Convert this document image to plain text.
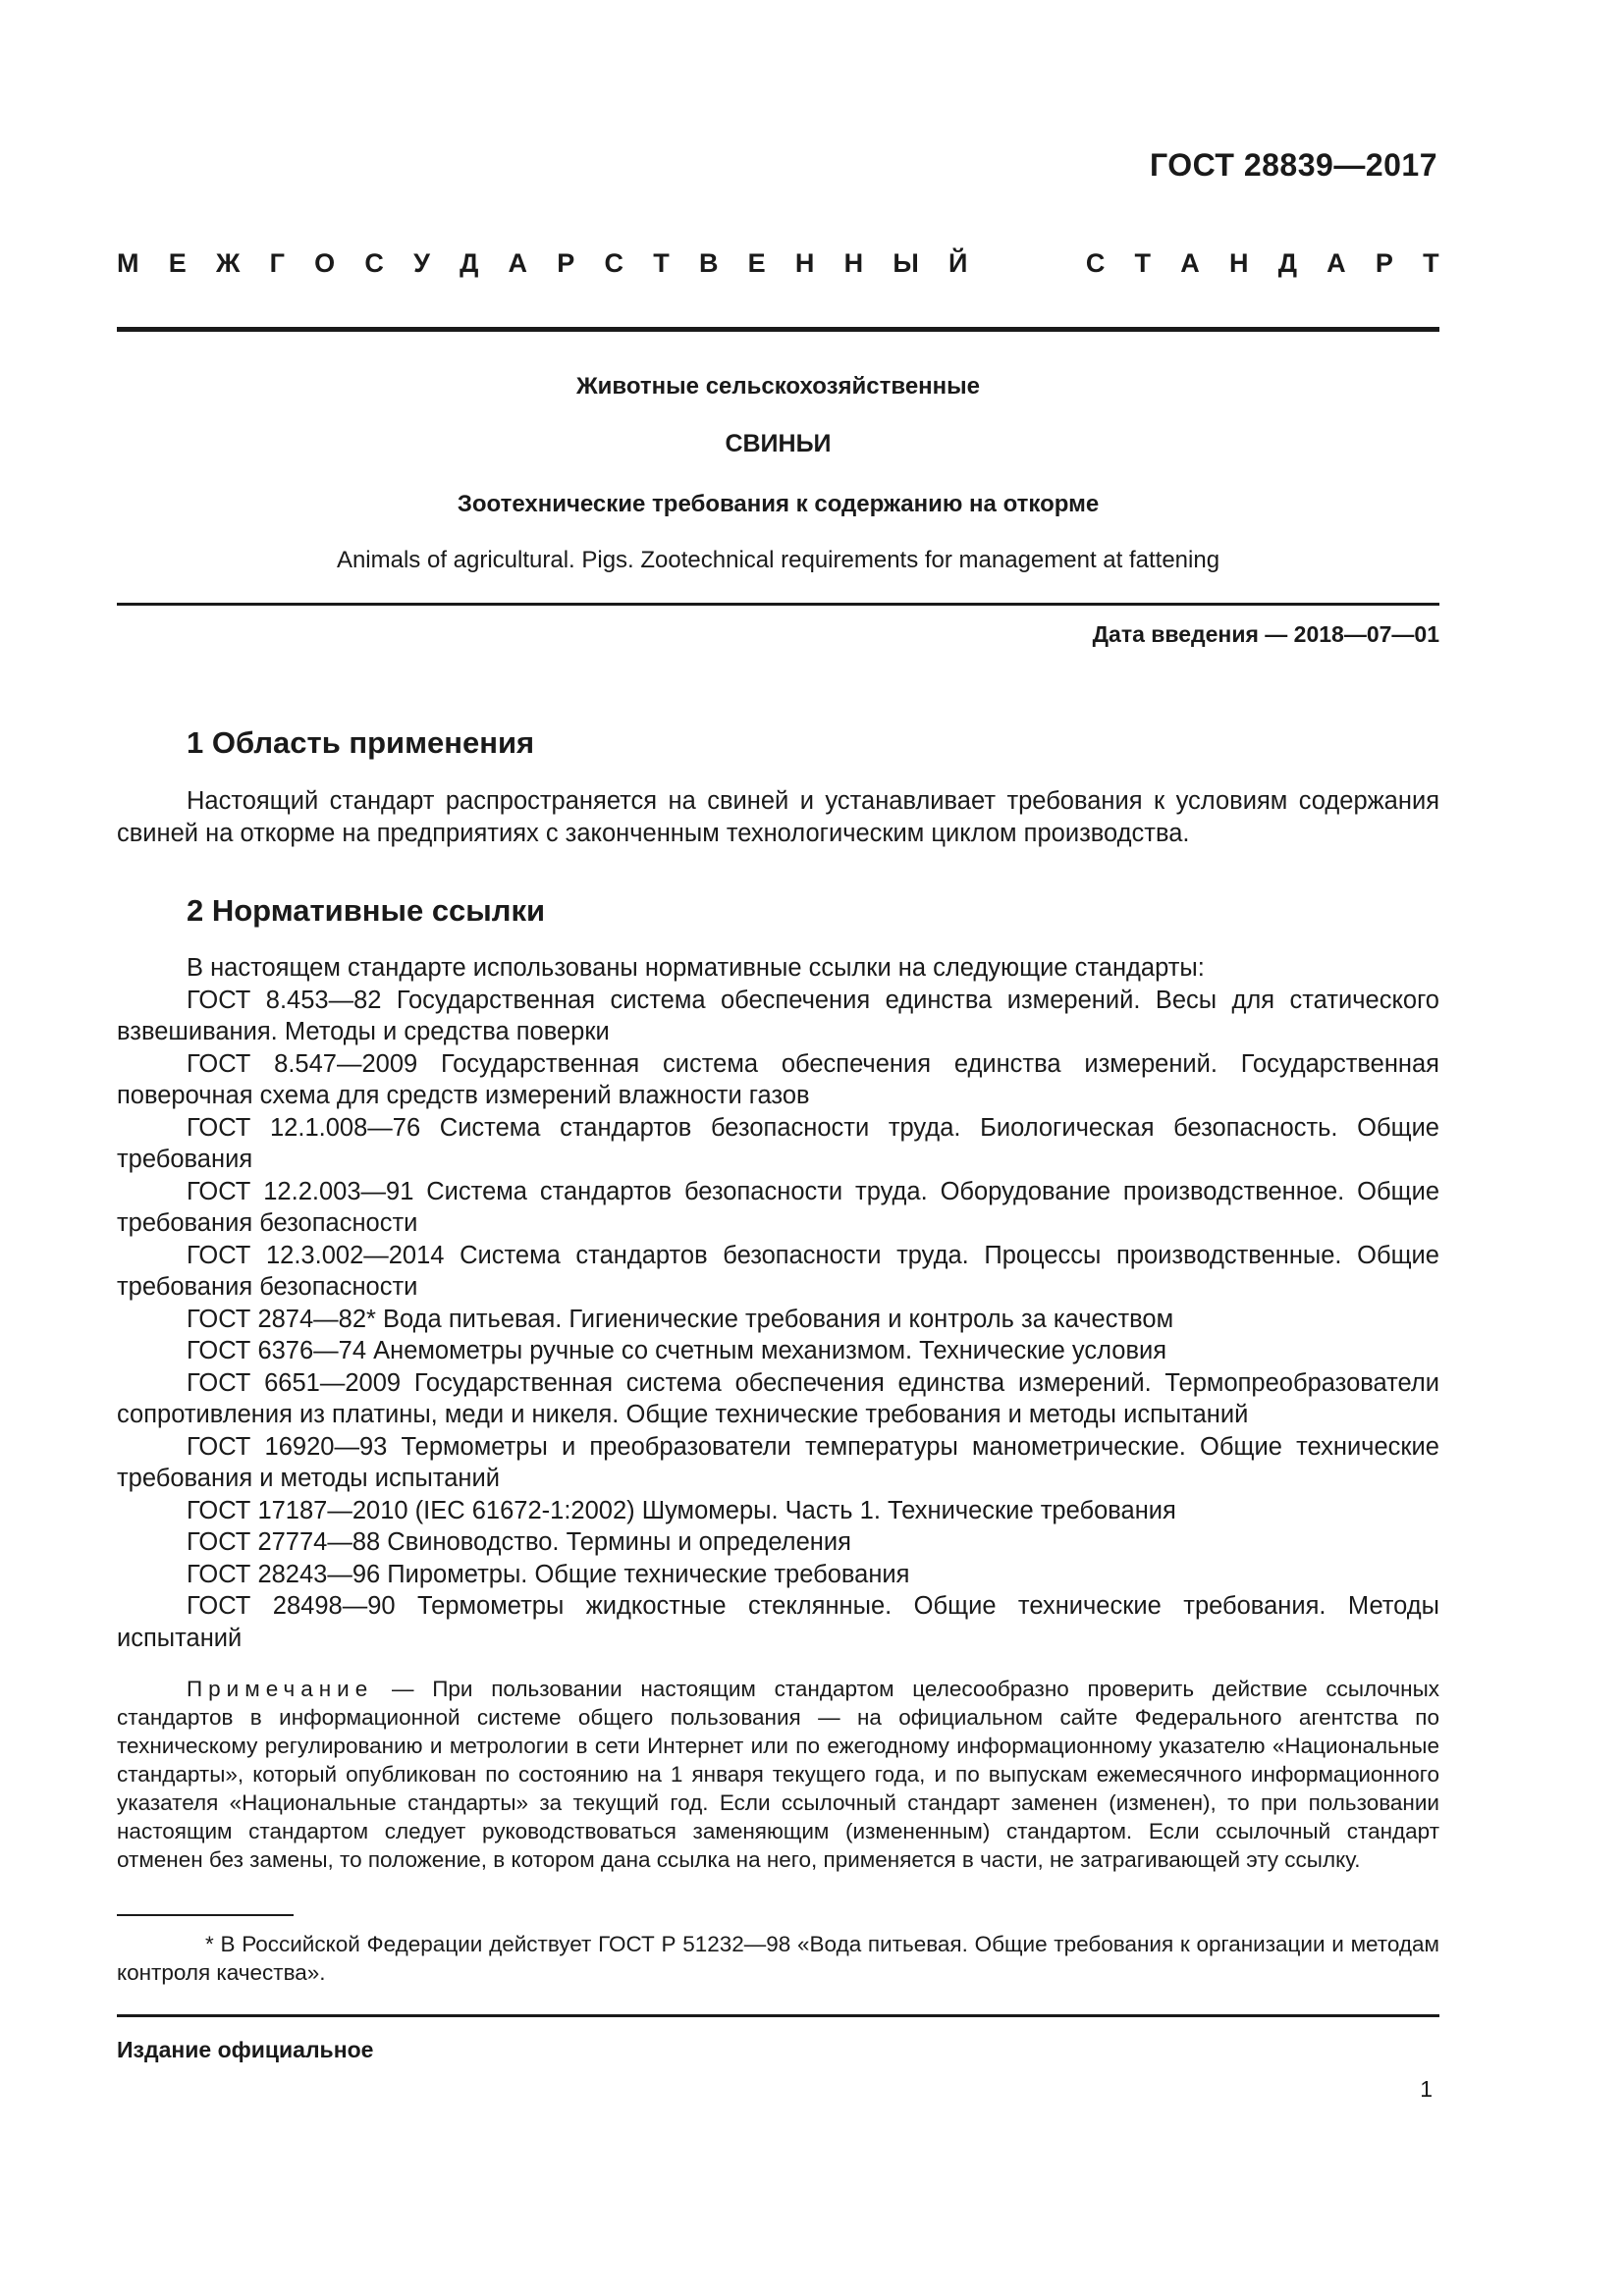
ГОСТ 28839—2017
М Е Ж Г О С У Д А Р С Т В Е Н Н Ы Й	С Т А Н Д А Р Т
Животные сельскохозяйственные
СВИНЬИ
Зоотехнические требования к содержанию на откорме
Animals of agricultural. Pigs. Zootechnical requirements for management at fattening
Дата введения — 2018—07—01
1 Область применения

Настоящий стандарт распространяется на свиней и устанавливает требования к условиям содержания свиней на откорме на предприятиях с законченным технологическим циклом производства.

2 Нормативные ссылки

В настоящем стандарте использованы нормативные ссылки на следующие стандарты:

ГОСТ 8.453—82 Государственная система обеспечения единства измерений. Весы для статического взвешивания. Методы и средства поверки

ГОСТ 8.547—2009 Государственная система обеспечения единства измерений. Государственная поверочная схема для средств измерений влажности газов

ГОСТ 12.1.008—76 Система стандартов безопасности труда. Биологическая безопасность. Общие требования

ГОСТ 12.2.003—91 Система стандартов безопасности труда. Оборудование производственное. Общие требования безопасности

ГОСТ 12.3.002—2014 Система стандартов безопасности труда. Процессы производственные. Общие требования безопасности

ГОСТ 2874—82* Вода питьевая. Гигиенические требования и контроль за качеством

ГОСТ 6376—74 Анемометры ручные со счетным механизмом. Технические условия

ГОСТ 6651—2009 Государственная система обеспечения единства измерений. Термопреобразователи сопротивления из платины, меди и никеля. Общие технические требования и методы испытаний

ГОСТ 16920—93 Термометры и преобразователи температуры манометрические. Общие технические требования и методы испытаний

ГОСТ 17187—2010 (IEC 61672-1:2002) Шумомеры. Часть 1. Технические требования

ГОСТ 27774—88 Свиноводство. Термины и определения

ГОСТ 28243—96 Пирометры. Общие технические требования

ГОСТ 28498—90 Термометры жидкостные стеклянные. Общие технические требования. Методы испытаний

Примечание — При пользовании настоящим стандартом целесообразно проверить действие ссылочных стандартов в информационной системе общего пользования — на официальном сайте Федерального агентства по техническому регулированию и метрологии в сети Интернет или по ежегодному информационному указателю «Национальные стандарты», который опубликован по состоянию на 1 января текущего года, и по выпускам ежемесячного информационного указателя «Национальные стандарты» за текущий год. Если ссылочный стандарт заменен (изменен), то при пользовании настоящим стандартом следует руководствоваться заменяющим (измененным) стандартом. Если ссылочный стандарт отменен без замены, то положение, в котором дана ссылка на него, применяется в части, не затрагивающей эту ссылку.

* В Российской Федерации действует ГОСТ Р 51232—98 «Вода питьевая. Общие требования к организации и методам контроля качества».

Издание официальное
1
